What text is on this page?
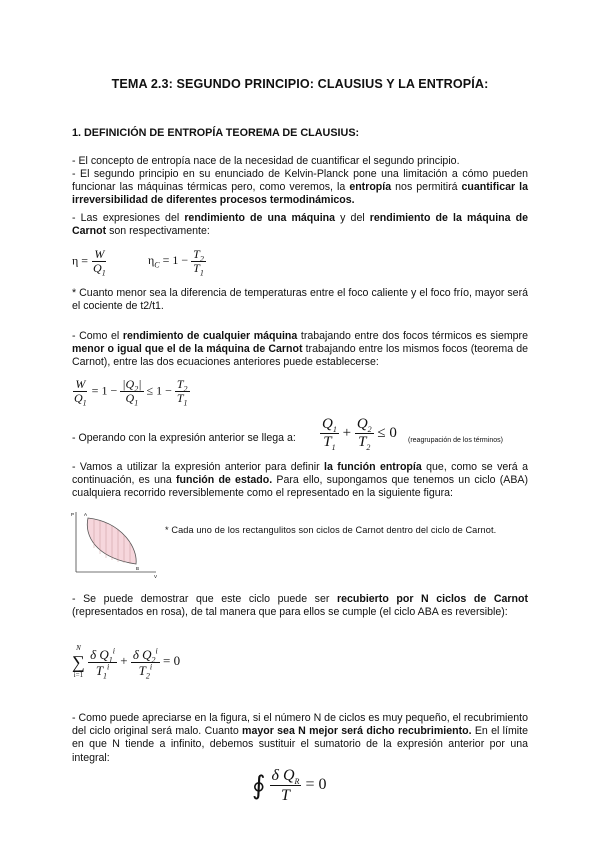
TEMA 2.3: SEGUNDO PRINCIPIO: CLAUSIUS Y LA ENTROPÍA:
1. DEFINICIÓN DE ENTROPÍA TEOREMA DE CLAUSIUS:
- El concepto de entropía nace de la necesidad de cuantificar el segundo principio.
- El segundo principio en su enunciado de Kelvin-Planck pone una limitación a cómo pueden funcionar las máquinas térmicas pero, como veremos, la entropía nos permitirá cuantificar la irreversibilidad de diferentes procesos termodinámicos.
- Las expresiones del rendimiento de una máquina y del rendimiento de la máquina de Carnot son respectivamente:
$\eta = \frac{W}{Q_1}$	$\eta_C = 1 - \frac{T_2}{T_1}$
* Cuanto menor sea la diferencia de temperaturas entre el foco caliente y el foco frío, mayor será el cociente de t2/t1.
- Como el rendimiento de cualquier máquina trabajando entre dos focos térmicos es siempre menor o igual que el de la máquina de Carnot trabajando entre los mismos focos (teorema de Carnot), entre las dos ecuaciones anteriores puede establecerse:
$\frac{W}{Q_1} = 1 - \frac{|Q_2|}{Q_1} \le 1 - \frac{T_2}{T_1}$
- Operando con la expresión anterior se llega a:	$\frac{Q_1}{T_1} + \frac{Q_2}{T_2} \le 0$ (reagrupación de los términos)
- Vamos a utilizar la expresión anterior para definir la función entropía que, como se verá a continuación, es una función de estado. Para ello, supongamos que tenemos un ciclo (ABA) cualquiera recorrido reversiblemente como el representado en la siguiente figura:
P A
B
V
* Cada uno de los rectangulitos son ciclos de Carnot dentro del ciclo de Carnot.
- Se puede demostrar que este ciclo puede ser recubierto por N ciclos de Carnot (representados en rosa), de tal manera que para ellos se cumple (el ciclo ABA es reversible):
N
∑
i=1
$\frac{\delta Q_1^i}{T_1^i} + \frac{\delta Q_2^i}{T_2^i} = 0$
- Como puede apreciarse en la figura, si el número N de ciclos es muy pequeño, el recubrimiento del ciclo original será malo. Cuanto mayor sea N mejor será dicho recubrimiento. En el límite en que N tiende a infinito, debemos sustituir el sumatorio de la expresión anterior por una integral:
∮ $\frac{\delta Q_R}{T} = 0$
